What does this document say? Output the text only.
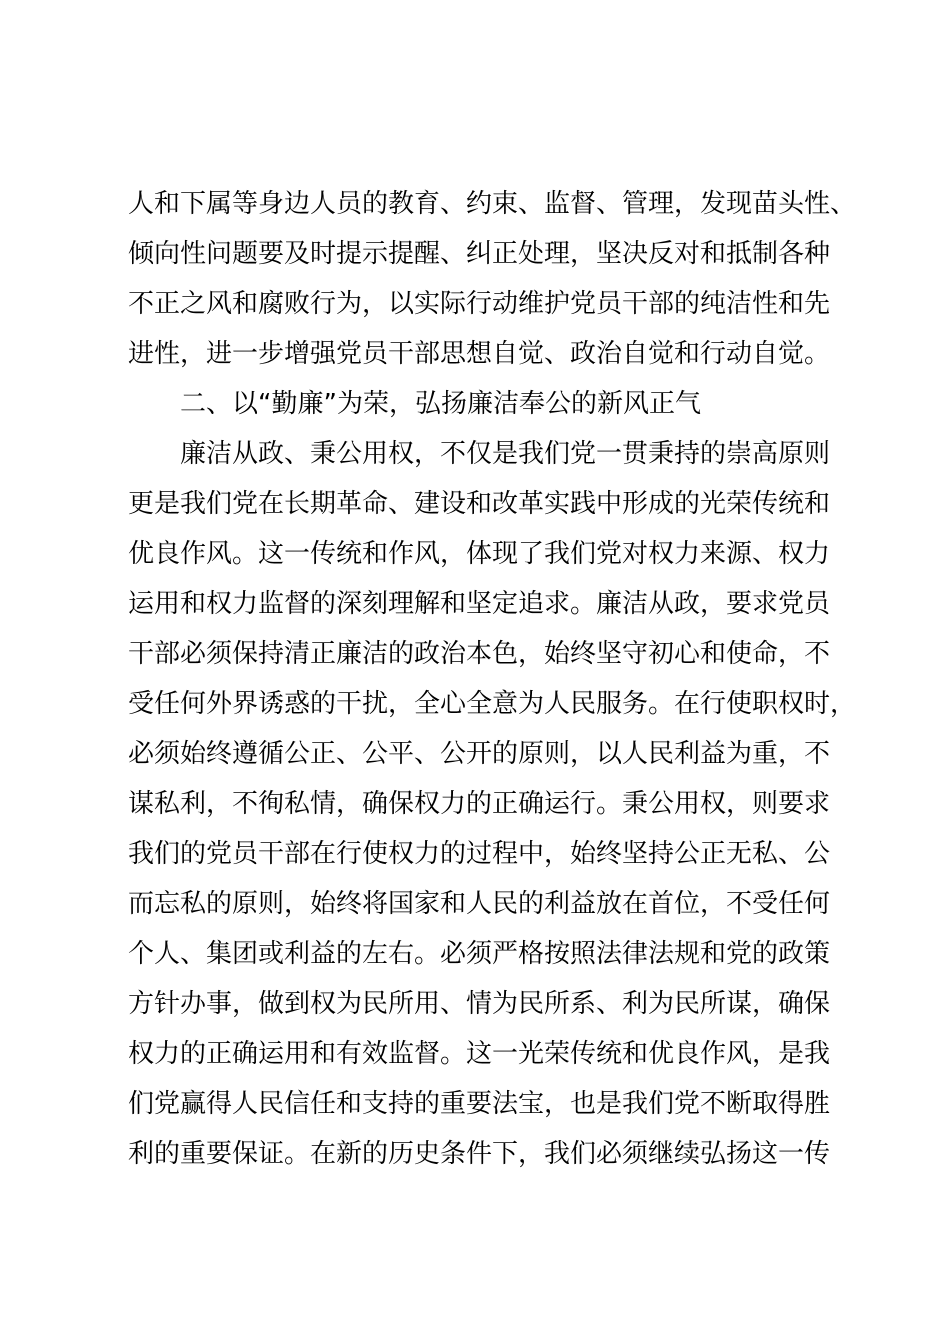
人和下属等身边人员的教育、约束、监督、管理，发现苗头性、
倾向性问题要及时提示提醒、纠正处理，坚决反对和抵制各种
不正之风和腐败行为，以实际行动维护党员干部的纯洁性和先
进性，进一步增强党员干部思想自觉、政治自觉和行动自觉。
二、以“勤廉”为荣，弘扬廉洁奉公的新风正气
廉洁从政、秉公用权，不仅是我们党一贯秉持的崇高原则
更是我们党在长期革命、建设和改革实践中形成的光荣传统和
优良作风。这一传统和作风，体现了我们党对权力来源、权力
运用和权力监督的深刻理解和坚定追求。廉洁从政，要求党员
干部必须保持清正廉洁的政治本色，始终坚守初心和使命，不
受任何外界诱惑的干扰，全心全意为人民服务。在行使职权时，
必须始终遵循公正、公平、公开的原则，以人民利益为重，不
谋私利，不徇私情，确保权力的正确运行。秉公用权，则要求
我们的党员干部在行使权力的过程中，始终坚持公正无私、公
而忘私的原则，始终将国家和人民的利益放在首位，不受任何
个人、集团或利益的左右。必须严格按照法律法规和党的政策
方针办事，做到权为民所用、情为民所系、利为民所谋，确保
权力的正确运用和有效监督。这一光荣传统和优良作风，是我
们党赢得人民信任和支持的重要法宝，也是我们党不断取得胜
利的重要保证。在新的历史条件下，我们必须继续弘扬这一传
